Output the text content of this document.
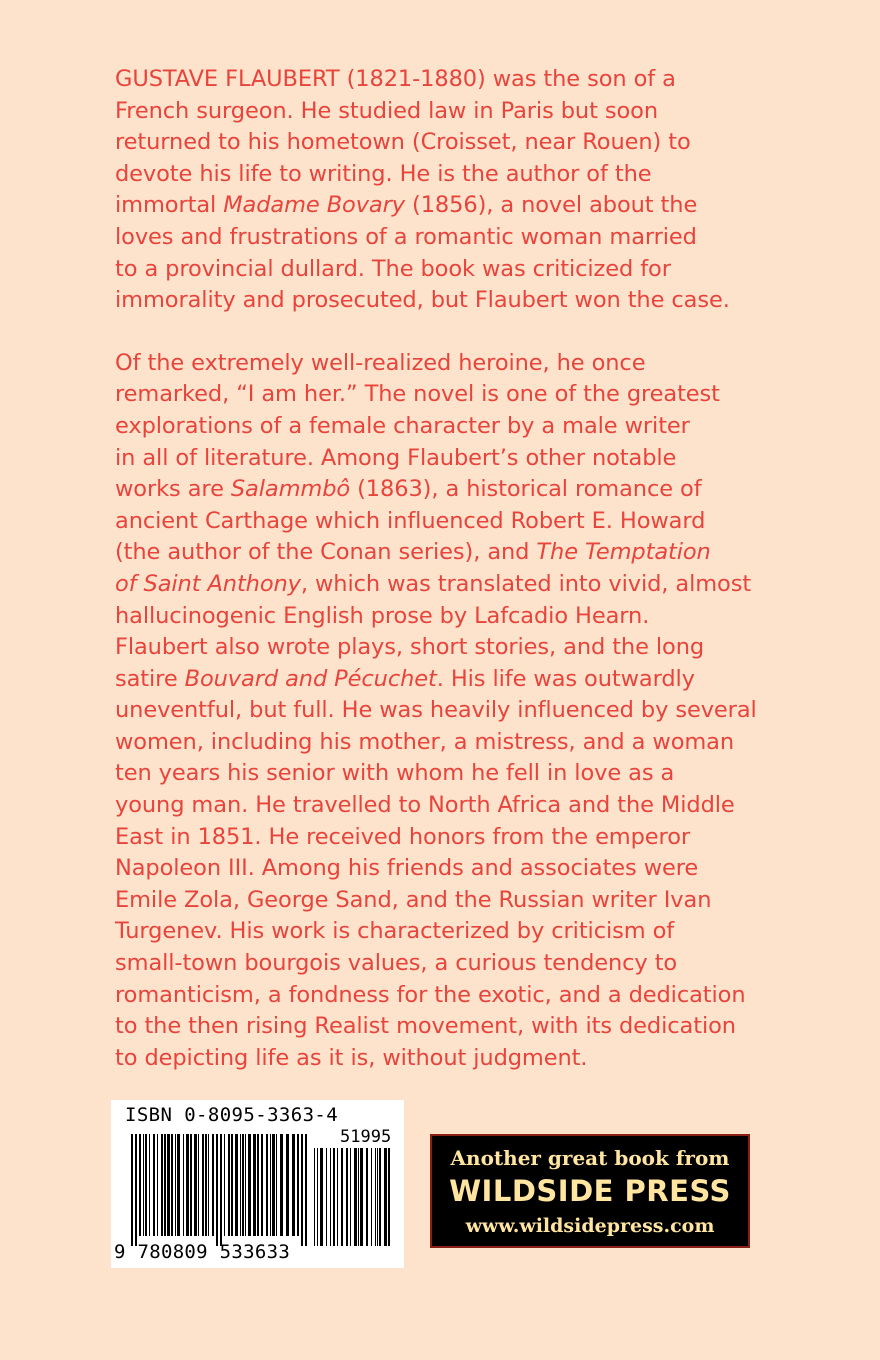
GUSTAVE FLAUBERT (1821-1880) was the son of a
French surgeon. He studied law in Paris but soon
returned to his hometown (Croisset, near Rouen) to
devote his life to writing. He is the author of the
immortal Madame Bovary (1856), a novel about the
loves and frustrations of a romantic woman married
to a provincial dullard. The book was criticized for
immorality and prosecuted, but Flaubert won the case.

Of the extremely well-realized heroine, he once
remarked, “I am her.” The novel is one of the greatest
explorations of a female character by a male writer
in all of literature. Among Flaubert’s other notable
works are Salammbô (1863), a historical romance of
ancient Carthage which influenced Robert E. Howard
(the author of the Conan series), and The Temptation
of Saint Anthony, which was translated into vivid, almost
hallucinogenic English prose by Lafcadio Hearn.
Flaubert also wrote plays, short stories, and the long
satire Bouvard and Pécuchet. His life was outwardly
uneventful, but full. He was heavily influenced by several
women, including his mother, a mistress, and a woman
ten years his senior with whom he fell in love as a
young man. He travelled to North Africa and the Middle
East in 1851. He received honors from the emperor
Napoleon III. Among his friends and associates were
Emile Zola, George Sand, and the Russian writer Ivan
Turgenev. His work is characterized by criticism of
small-town bourgois values, a curious tendency to
romanticism, a fondness for the exotic, and a dedication
to the then rising Realist movement, with its dedication
to depicting life as it is, without judgment.

ISBN 0-8095-3363-4
51995
9 780809 533633
Another great book from
WILDSIDE PRESS
www.wildsidepress.com
